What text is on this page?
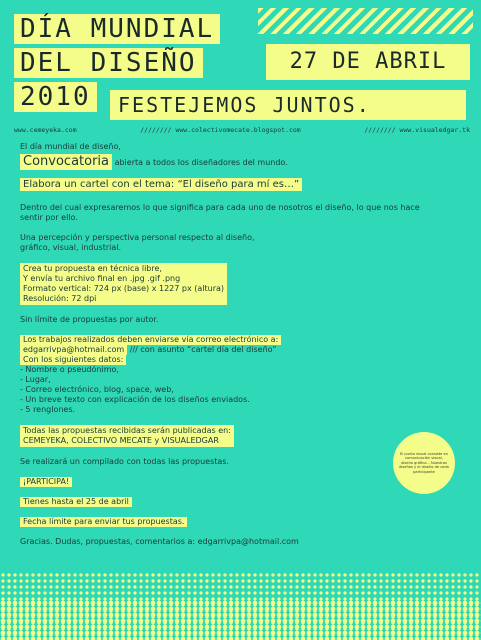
DÍA MUNDIAL
DEL DISEÑO
2010
27 DE ABRIL
FESTEJEMOS JUNTOS.
www.cemeyeka.com	//////// www.colectivomecate.blogspot.com	//////// www.visualedgar.tk

El día mundial de diseño,

Convocatoria abierta a todos los diseñadores del mundo.

Elabora un cartel con el tema: “El diseño para mí es…”

Dentro del cual expresaremos lo que significa para cada uno de nosotros el diseño, lo que nos hace sentir por ello.

Una percepción y perspectiva personal respecto al diseño,

gráfico, visual, industrial.

Crea tu propuesta en técnica libre,
Y envía tu archivo final en .jpg .gif .png
Formato vertical: 724 px (base) x 1227 px (altura)
Resolución: 72 dpi

Sin límite de propuestas por autor.

Los trabajos realizados deben enviarse vía correo electrónico a:
edgarrivpa@hotmail.com /// con asunto “cartel día del diseño”
Con los siguientes datos:
- Nombre o pseudónimo,
- Lugar,
- Correo electrónico, blog, space, web,
- Un breve texto con explicación de los diseños enviados.
- 5 renglones.
Todas las propuestas recibidas serán publicadas en:
CEMEYEKA, COLECTIVO MECATE y VISUALEDGAR

Se realizará un compilado con todas las propuestas.

¡PARTICIPA!

Tienes hasta el 25 de abril

Fecha límite para enviar tus propuestas.

Gracias. Dudas, propuestas, comentarios a: edgarrivpa@hotmail.com

El punto visual consiste en comunicación visual, diseño gráfico... Nuestros diseños y el diseño de cada participante
